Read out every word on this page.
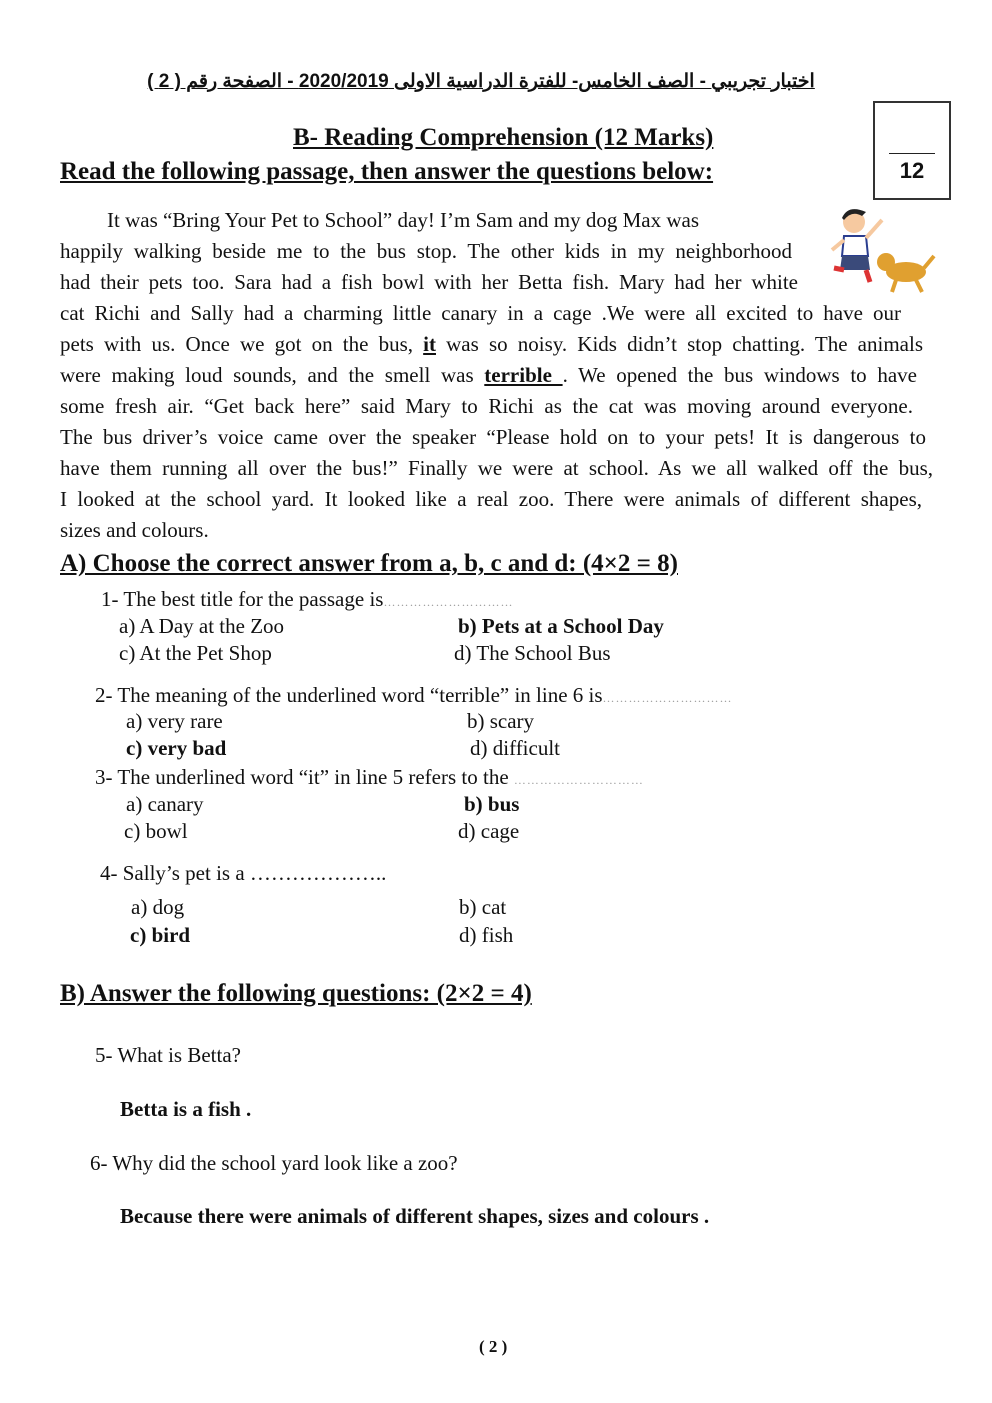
اختبار تجريبي - الصف الخامس- للفترة الدراسية الاولى 2020/2019 - الصفحة رقم ( 2 )
B- Reading Comprehension (12 Marks)
Read the following passage, then answer the questions below:	12
It was “Bring Your Pet to School” day! I’m Sam and my dog Max was
happily walking beside me to the bus stop. The other kids in my neighborhood
had their pets too. Sara had a fish bowl with her Betta fish. Mary had her white
cat Richi and Sally had a charming little canary in a cage .We were all excited to have our
pets with us. Once we got on the bus, it was so noisy. Kids didn’t stop chatting. The animals
were making loud sounds, and the smell was terrible . We opened the bus windows to have
some fresh air. “Get back here” said Mary to Richi as the cat was moving around everyone.
The bus driver’s voice came over the speaker “Please hold on to your pets! It is dangerous to
have them running all over the bus!” Finally we were at school. As we all walked off the bus,
I looked at the school yard. It looked like a real zoo. There were animals of different shapes,
sizes and colours.
A) Choose the correct answer from a, b, c and d: (4×2 = 8)
1- The best title for the passage is…………………………
a) A Day at the Zoo	b) Pets at a School Day
c) At the Pet Shop	d) The School Bus
2- The meaning of the underlined word “terrible” in line 6 is…………………………
a) very rare	b) scary
c) very bad	d) difficult
3- The underlined word “it” in line 5 refers to the …………………………
a) canary	b) bus
c) bowl	d) cage
4- Sally’s pet is a ………………..
a) dog	b) cat
c) bird	d) fish
B) Answer the following questions: (2×2 = 4)
5- What is Betta?
Betta is a fish .
6- Why did the school yard look like a zoo?
Because there were animals of different shapes, sizes and colours .
( 2 )
